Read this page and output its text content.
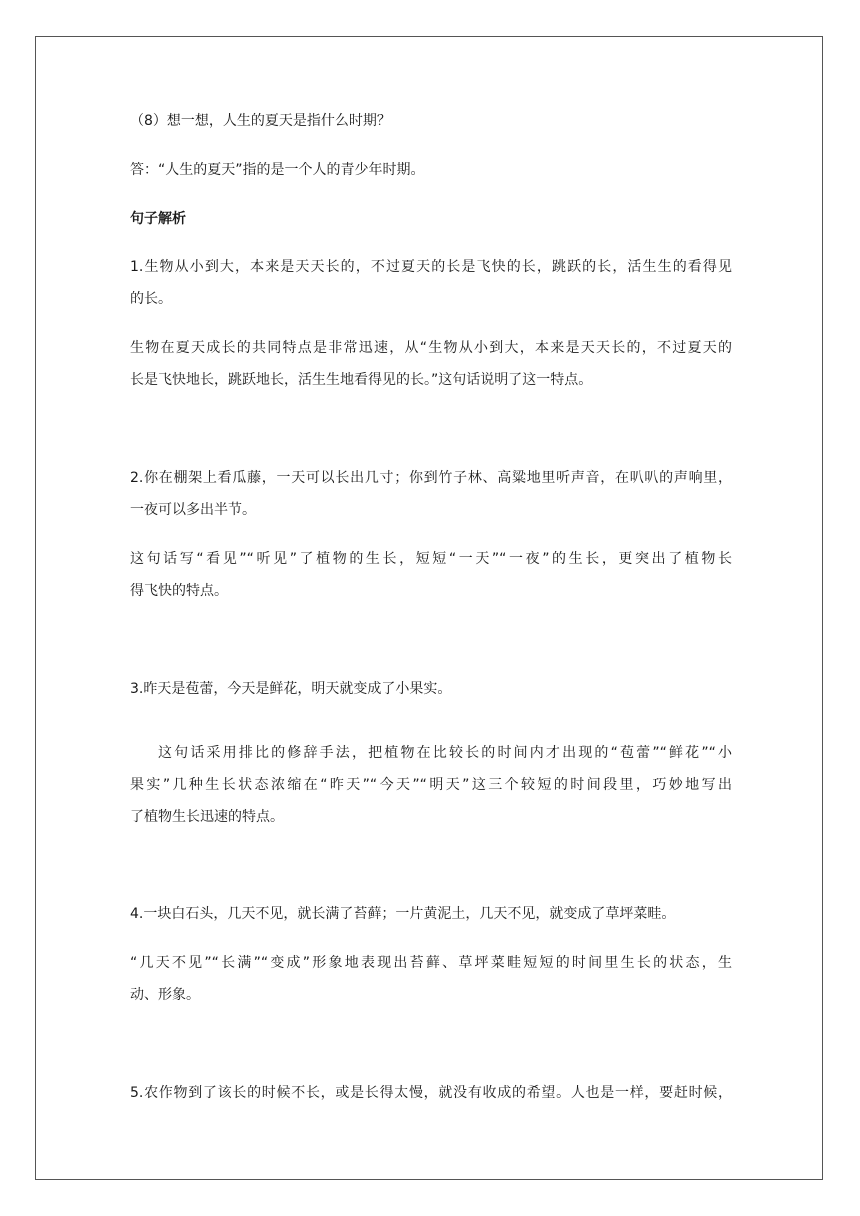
（8）想一想，人生的夏天是指什么时期？

答：“人生的夏天”指的是一个人的青少年时期。

句子解析

1.生物从小到大，本来是天天长的，不过夏天的长是飞快的长，跳跃的长，活生生的看得见

的长。

生物在夏天成长的共同特点是非常迅速，从“生物从小到大，本来是天天长的，不过夏天的

长是飞快地长，跳跃地长，活生生地看得见的长。”这句话说明了这一特点。

2.你在棚架上看瓜藤，一天可以长出几寸；你到竹子林、高粱地里听声音，在叭叭的声响里，

一夜可以多出半节。

这句话写“看见”“听见”了植物的生长，短短“一天”“一夜”的生长，更突出了植物长

得飞快的特点。

3.昨天是苞蕾，今天是鲜花，明天就变成了小果实。

这句话采用排比的修辞手法，把植物在比较长的时间内才出现的“苞蕾”“鲜花”“小

果实”几种生长状态浓缩在“昨天”“今天”“明天”这三个较短的时间段里，巧妙地写出

了植物生长迅速的特点。

4.一块白石头，几天不见，就长满了苔藓；一片黄泥土，几天不见，就变成了草坪菜畦。

“几天不见”“长满”“变成”形象地表现出苔藓、草坪菜畦短短的时间里生长的状态，生

动、形象。

5.农作物到了该长的时候不长，或是长得太慢，就没有收成的希望。人也是一样，要赶时候，
